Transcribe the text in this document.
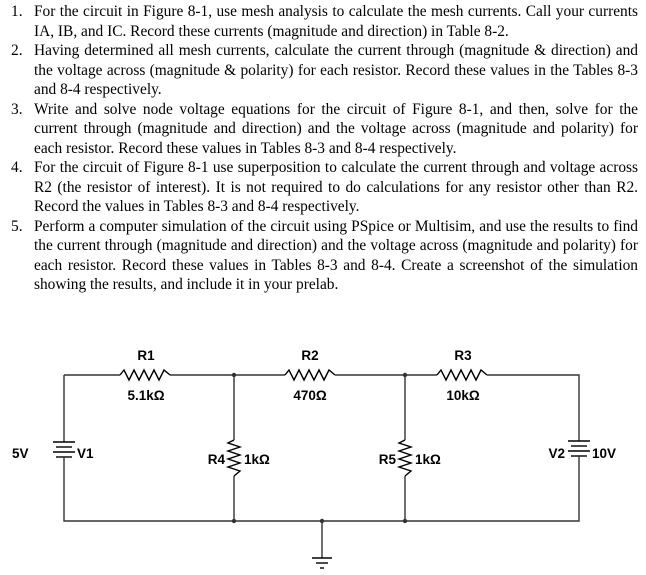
1. For the circuit in Figure 8-1, use mesh analysis to calculate the mesh currents. Call your currents IA, IB, and IC. Record these currents (magnitude and direction) in Table 8-2.
2. Having determined all mesh currents, calculate the current through (magnitude & direction) and the voltage across (magnitude & polarity) for each resistor. Record these values in the Tables 8-3 and 8-4 respectively.
3. Write and solve node voltage equations for the circuit of Figure 8-1, and then, solve for the current through (magnitude and direction) and the voltage across (magnitude and polarity) for each resistor. Record these values in Tables 8-3 and 8-4 respectively.
4. For the circuit of Figure 8-1 use superposition to calculate the current through and voltage across R2 (the resistor of interest). It is not required to do calculations for any resistor other than R2. Record the values in Tables 8-3 and 8-4 respectively.
5. Perform a computer simulation of the circuit using PSpice or Multisim, and use the results to find the current through (magnitude and direction) and the voltage across (magnitude and polarity) for each resistor. Record these values in Tables 8-3 and 8-4. Create a screenshot of the simulation showing the results, and include it in your prelab.
R1
5.1kΩ
R2
470Ω
R3
10kΩ
R4 1kΩ	R5 1kΩ
5V	V1	V2 10V
